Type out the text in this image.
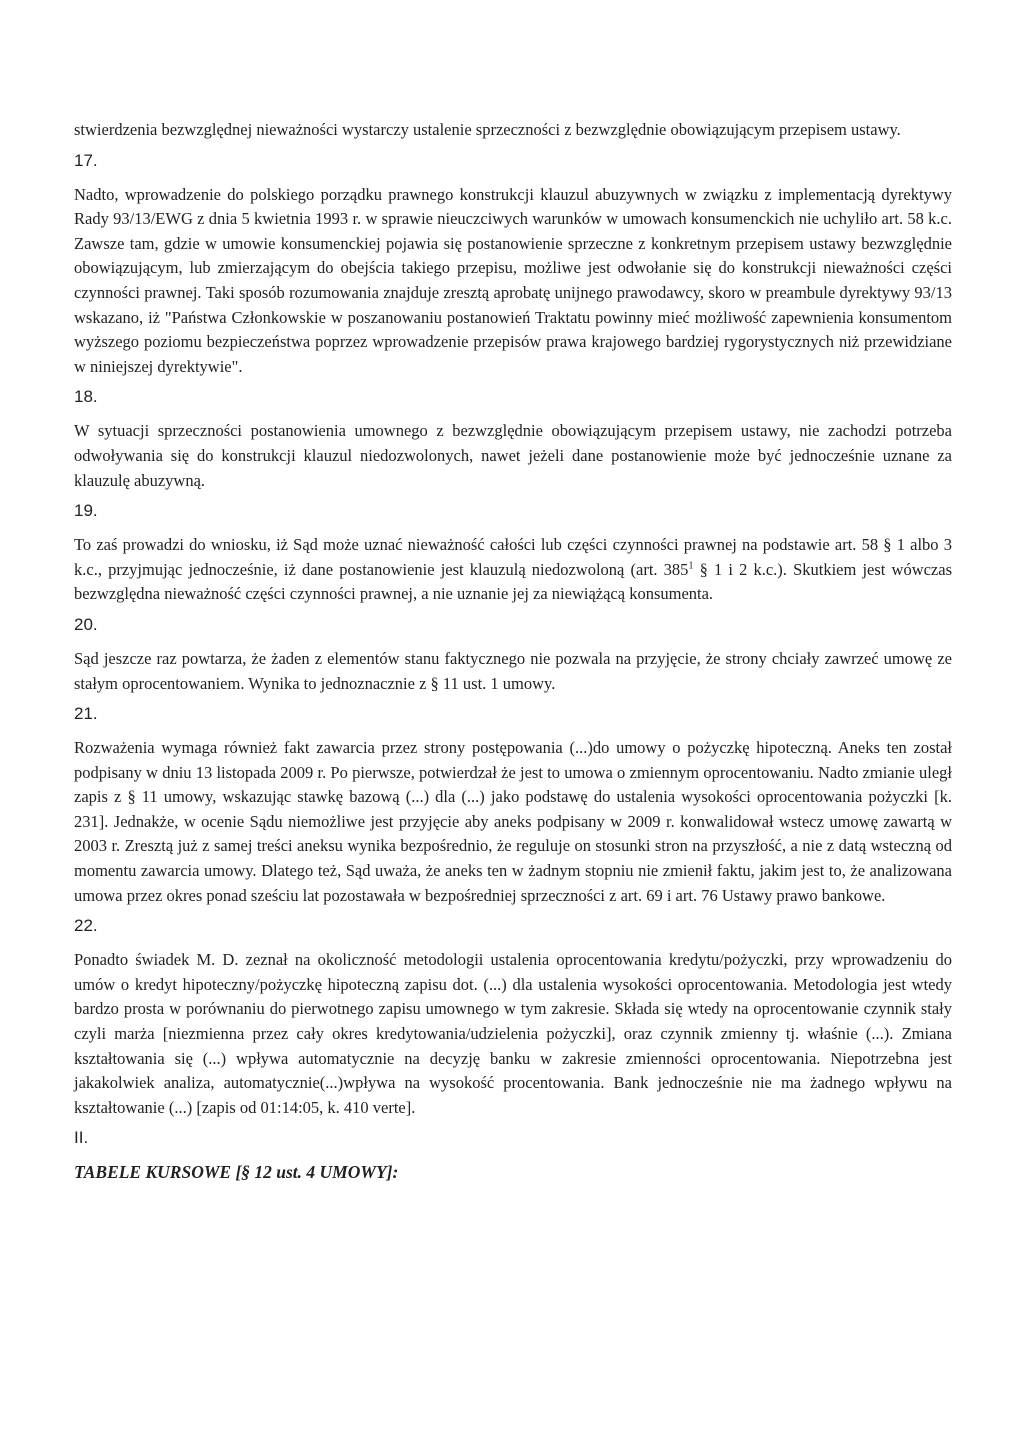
stwierdzenia bezwzględnej nieważności wystarczy ustalenie sprzeczności z bezwzględnie obowiązującym przepisem ustawy.

17.

Nadto, wprowadzenie do polskiego porządku prawnego konstrukcji klauzul abuzywnych w związku z implementacją dyrektywy Rady 93/13/EWG z dnia 5 kwietnia 1993 r. w sprawie nieuczciwych warunków w umowach konsumenckich nie uchyliło art. 58 k.c. Zawsze tam, gdzie w umowie konsumenckiej pojawia się postanowienie sprzeczne z konkretnym przepisem ustawy bezwzględnie obowiązującym, lub zmierzającym do obejścia takiego przepisu, możliwe jest odwołanie się do konstrukcji nieważności części czynności prawnej. Taki sposób rozumowania znajduje zresztą aprobatę unijnego prawodawcy, skoro w preambule dyrektywy 93/13 wskazano, iż "Państwa Członkowskie w poszanowaniu postanowień Traktatu powinny mieć możliwość zapewnienia konsumentom wyższego poziomu bezpieczeństwa poprzez wprowadzenie przepisów prawa krajowego bardziej rygorystycznych niż przewidziane w niniejszej dyrektywie".

18.

W sytuacji sprzeczności postanowienia umownego z bezwzględnie obowiązującym przepisem ustawy, nie zachodzi potrzeba odwoływania się do konstrukcji klauzul niedozwolonych, nawet jeżeli dane postanowienie może być jednocześnie uznane za klauzulę abuzywną.

19.

To zaś prowadzi do wniosku, iż Sąd może uznać nieważność całości lub części czynności prawnej na podstawie art. 58 § 1 albo 3 k.c., przyjmując jednocześnie, iż dane postanowienie jest klauzulą niedozwoloną (art. $385^1$ § 1 i 2 k.c.). Skutkiem jest wówczas bezwzględna nieważność części czynności prawnej, a nie uznanie jej za niewiążącą konsumenta.

20.

Sąd jeszcze raz powtarza, że żaden z elementów stanu faktycznego nie pozwala na przyjęcie, że strony chciały zawrzeć umowę ze stałym oprocentowaniem. Wynika to jednoznacznie z § 11 ust. 1 umowy.

21.

Rozważenia wymaga również fakt zawarcia przez strony postępowania (...)do umowy o pożyczkę hipoteczną. Aneks ten został podpisany w dniu 13 listopada 2009 r. Po pierwsze, potwierdzał że jest to umowa o zmiennym oprocentowaniu. Nadto zmianie uległ zapis z § 11 umowy, wskazując stawkę bazową (...) dla (...) jako podstawę do ustalenia wysokości oprocentowania pożyczki [k. 231]. Jednakże, w ocenie Sądu niemożliwe jest przyjęcie aby aneks podpisany w 2009 r. konwalidował wstecz umowę zawartą w 2003 r. Zresztą już z samej treści aneksu wynika bezpośrednio, że reguluje on stosunki stron na przyszłość, a nie z datą wsteczną od momentu zawarcia umowy. Dlatego też, Sąd uważa, że aneks ten w żadnym stopniu nie zmienił faktu, jakim jest to, że analizowana umowa przez okres ponad sześciu lat pozostawała w bezpośredniej sprzeczności z art. 69 i art. 76 Ustawy prawo bankowe.

22.

Ponadto świadek M. D. zeznał na okoliczność metodologii ustalenia oprocentowania kredytu/pożyczki, przy wprowadzeniu do umów o kredyt hipoteczny/pożyczkę hipoteczną zapisu dot. (...) dla ustalenia wysokości oprocentowania. Metodologia jest wtedy bardzo prosta w porównaniu do pierwotnego zapisu umownego w tym zakresie. Składa się wtedy na oprocentowanie czynnik stały czyli marża [niezmienna przez cały okres kredytowania/udzielenia pożyczki], oraz czynnik zmienny tj. właśnie (...). Zmiana kształtowania się (...) wpływa automatycznie na decyzję banku w zakresie zmienności oprocentowania. Niepotrzebna jest jakakolwiek analiza, automatycznie(...)wpływa na wysokość procentowania. Bank jednocześnie nie ma żadnego wpływu na kształtowanie (...) [zapis od 01:14:05, k. 410 verte].

II.
TABELE KURSOWE [§ 12 ust. 4 UMOWY]:
